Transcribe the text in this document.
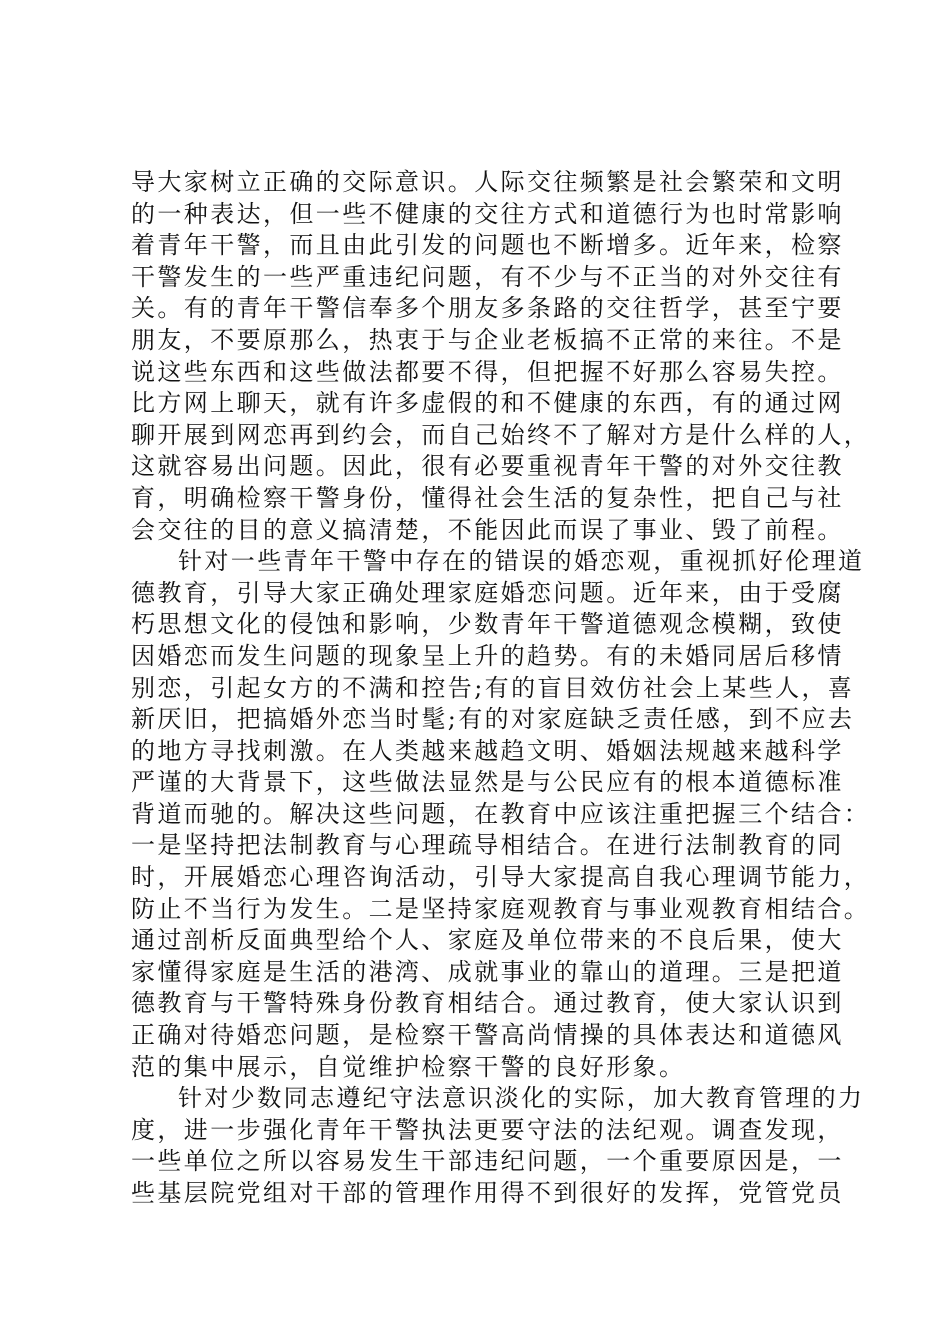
导大家树立正确的交际意识。人际交往频繁是社会繁荣和文明
的一种表达，但一些不健康的交往方式和道德行为也时常影响
着青年干警，而且由此引发的问题也不断增多。近年来，检察
干警发生的一些严重违纪问题，有不少与不正当的对外交往有
关。有的青年干警信奉多个朋友多条路的交往哲学，甚至宁要
朋友，不要原那么，热衷于与企业老板搞不正常的来往。不是
说这些东西和这些做法都要不得，但把握不好那么容易失控。
比方网上聊天，就有许多虚假的和不健康的东西，有的通过网
聊开展到网恋再到约会，而自己始终不了解对方是什么样的人，
这就容易出问题。因此，很有必要重视青年干警的对外交往教
育，明确检察干警身份，懂得社会生活的复杂性，把自己与社
会交往的目的意义搞清楚，不能因此而误了事业、毁了前程。
针对一些青年干警中存在的错误的婚恋观，重视抓好伦理道
德教育，引导大家正确处理家庭婚恋问题。近年来，由于受腐
朽思想文化的侵蚀和影响，少数青年干警道德观念模糊，致使
因婚恋而发生问题的现象呈上升的趋势。有的未婚同居后移情
别恋，引起女方的不满和控告;有的盲目效仿社会上某些人，喜
新厌旧，把搞婚外恋当时髦;有的对家庭缺乏责任感，到不应去
的地方寻找刺激。在人类越来越趋文明、婚姻法规越来越科学
严谨的大背景下，这些做法显然是与公民应有的根本道德标准
背道而驰的。解决这些问题，在教育中应该注重把握三个结合：
一是坚持把法制教育与心理疏导相结合。在进行法制教育的同
时，开展婚恋心理咨询活动，引导大家提高自我心理调节能力，
防止不当行为发生。二是坚持家庭观教育与事业观教育相结合。
通过剖析反面典型给个人、家庭及单位带来的不良后果，使大
家懂得家庭是生活的港湾、成就事业的靠山的道理。三是把道
德教育与干警特殊身份教育相结合。通过教育，使大家认识到
正确对待婚恋问题，是检察干警高尚情操的具体表达和道德风
范的集中展示，自觉维护检察干警的良好形象。
针对少数同志遵纪守法意识淡化的实际，加大教育管理的力
度，进一步强化青年干警执法更要守法的法纪观。调查发现，
一些单位之所以容易发生干部违纪问题，一个重要原因是，一
些基层院党组对干部的管理作用得不到很好的发挥，党管党员
